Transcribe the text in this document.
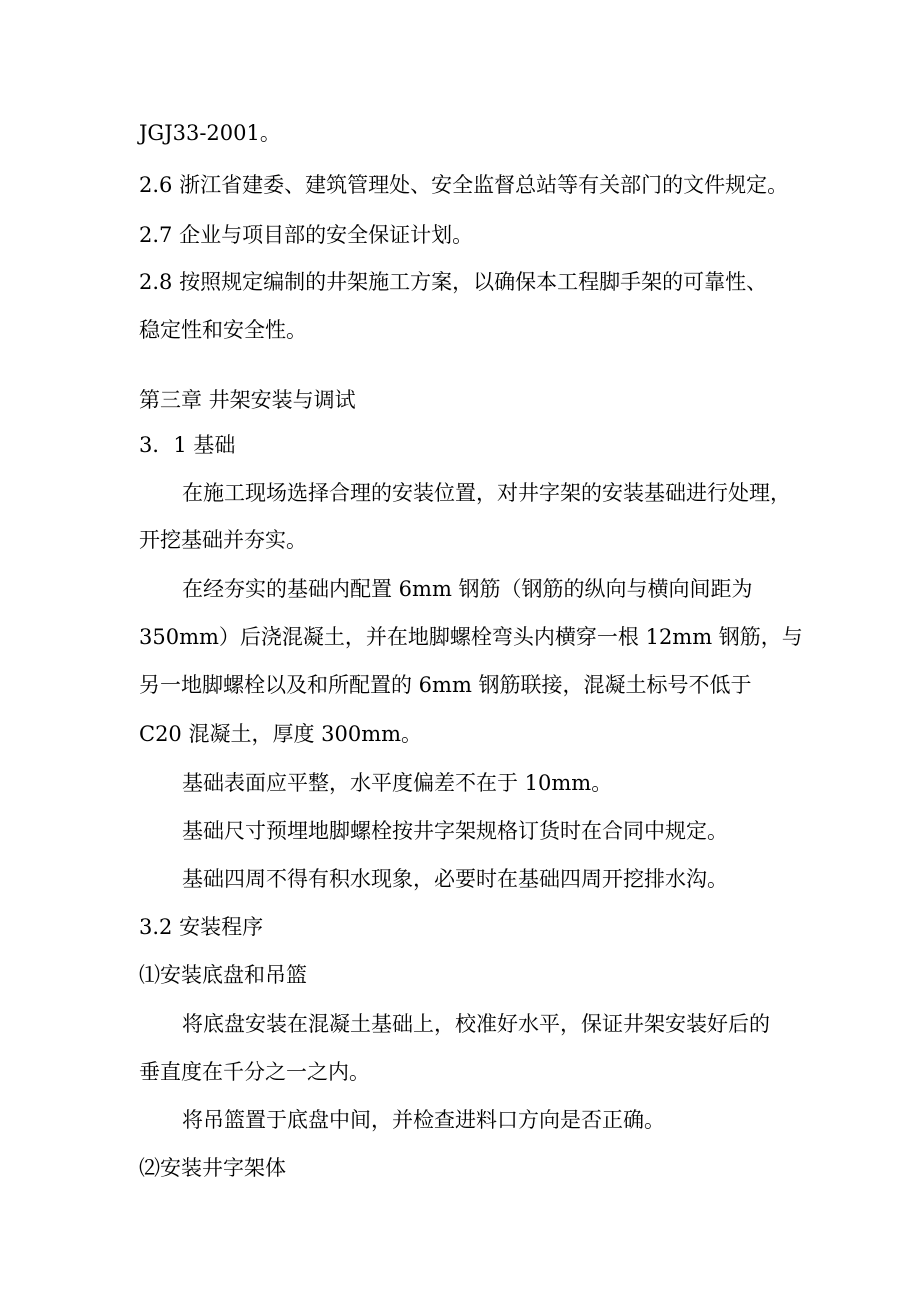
JGJ33-2001。
2.6 浙江省建委、建筑管理处、安全监督总站等有关部门的文件规定。
2.7 企业与项目部的安全保证计划。
2.8 按照规定编制的井架施工方案，以确保本工程脚手架的可靠性、
稳定性和安全性。
第三章 井架安装与调试
3．1 基础
在施工现场选择合理的安装位置，对井字架的安装基础进行处理，
开挖基础并夯实。
在经夯实的基础内配置 6mm 钢筋（钢筋的纵向与横向间距为
350mm）后浇混凝土，并在地脚螺栓弯头内横穿一根 12mm 钢筋，与
另一地脚螺栓以及和所配置的 6mm 钢筋联接，混凝土标号不低于
C20 混凝土，厚度 300mm。
基础表面应平整，水平度偏差不在于 10mm。
基础尺寸预埋地脚螺栓按井字架规格订货时在合同中规定。
基础四周不得有积水现象，必要时在基础四周开挖排水沟。
3.2 安装程序
⑴安装底盘和吊篮
将底盘安装在混凝土基础上，校准好水平，保证井架安装好后的
垂直度在千分之一之内。
将吊篮置于底盘中间，并检查进料口方向是否正确。
⑵安装井字架体
